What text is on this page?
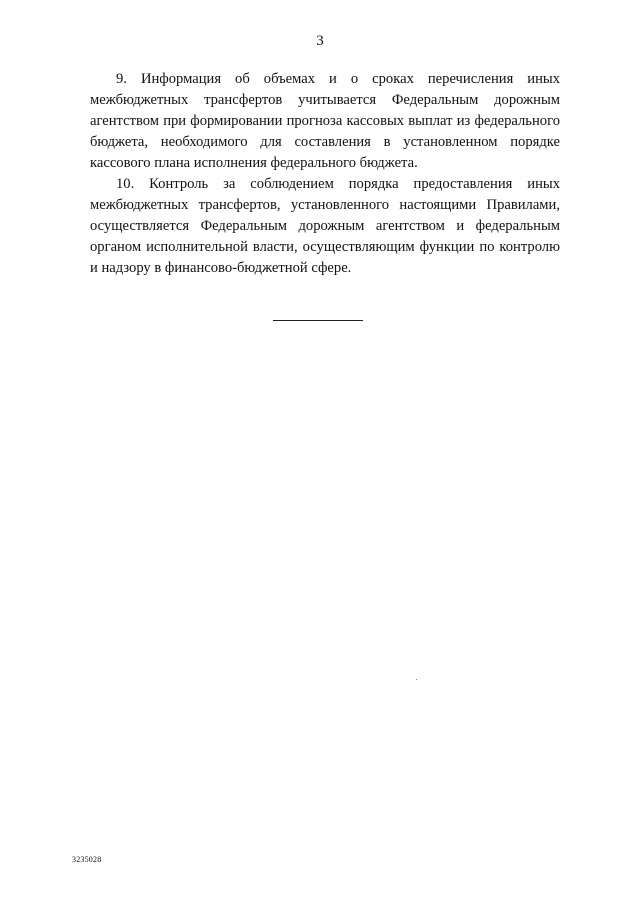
3

9. Информация об объемах и о сроках перечисления иных межбюджетных трансфертов учитывается Федеральным дорожным агентством при формировании прогноза кассовых выплат из федерального бюджета, необходимого для составления в установленном порядке кассового плана исполнения федерального бюджета.

10. Контроль за соблюдением порядка предоставления иных межбюджетных трансфертов, установленного настоящими Правилами, осуществляется Федеральным дорожным агентством и федеральным органом исполнительной власти, осуществляющим функции по контролю и надзору в финансово-бюджетной сфере.

3235028
